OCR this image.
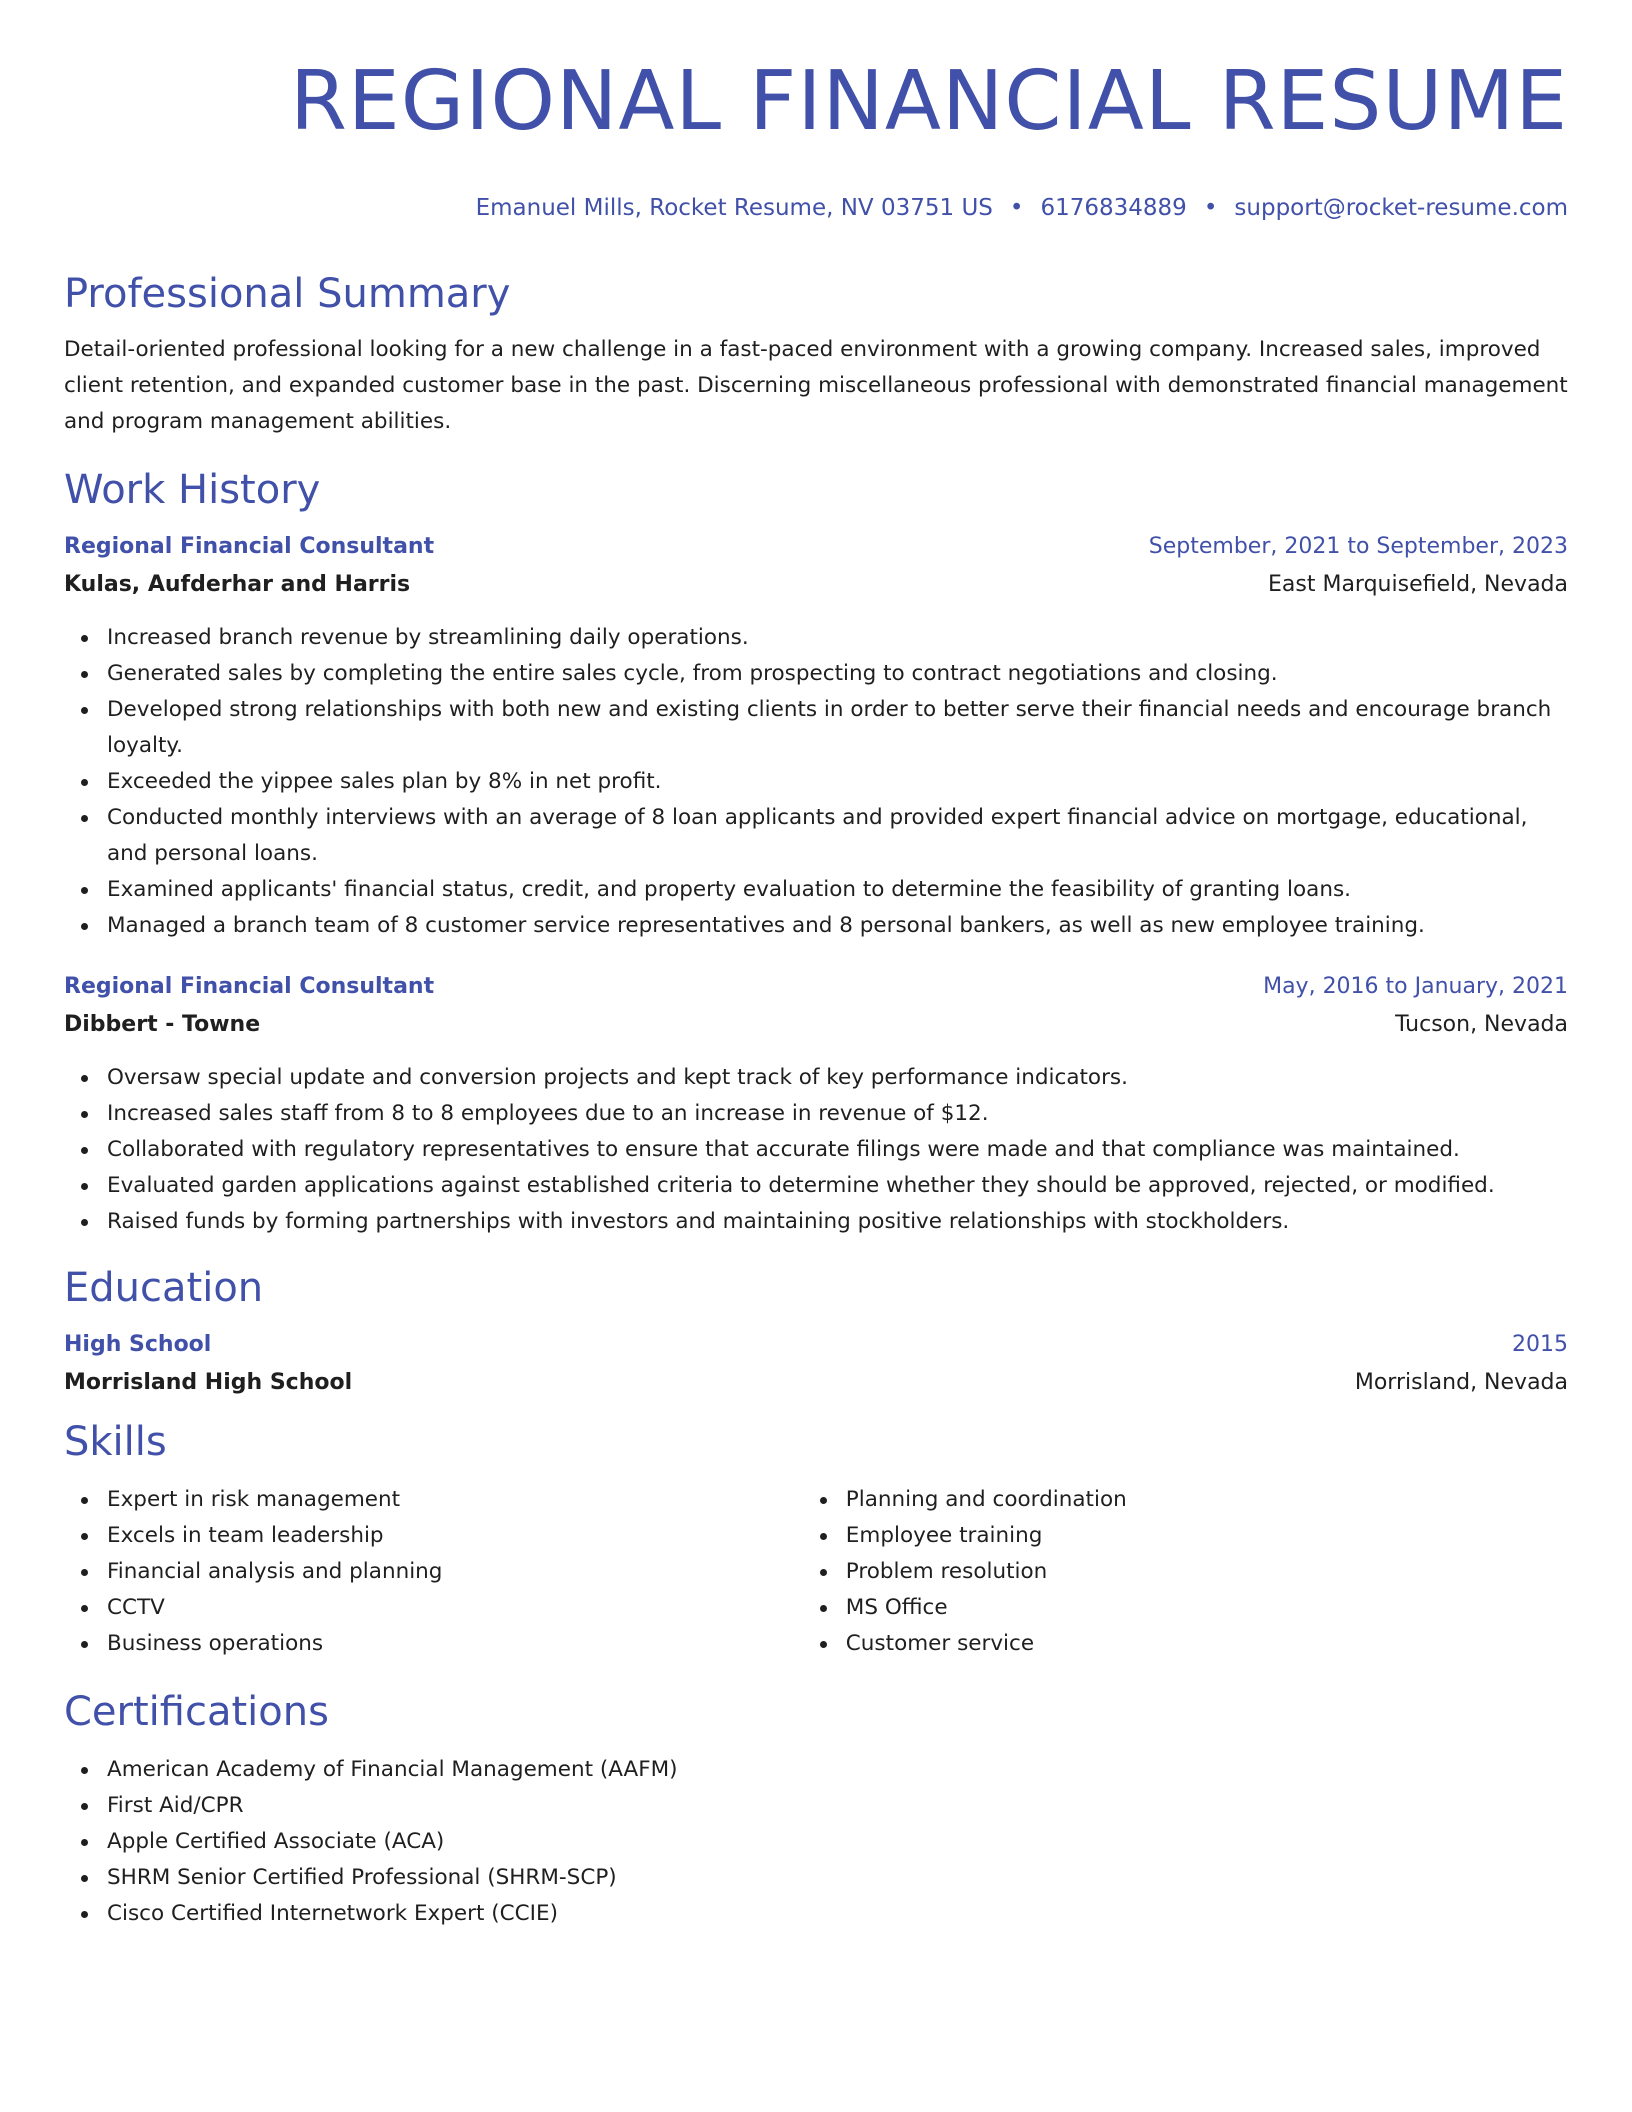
REGIONAL FINANCIAL RESUME
Emanuel Mills, Rocket Resume, NV 03751 US • 6176834889 • support@rocket-resume.com
Professional Summary
Detail-oriented professional looking for a new challenge in a fast-paced environment with a growing company. Increased sales, improved client retention, and expanded customer base in the past. Discerning miscellaneous professional with demonstrated financial management and program management abilities.
Work History
Regional Financial Consultant	September, 2021 to September, 2023
Kulas, Aufderhar and Harris	East Marquisefield, Nevada
Increased branch revenue by streamlining daily operations.
Generated sales by completing the entire sales cycle, from prospecting to contract negotiations and closing.
Developed strong relationships with both new and existing clients in order to better serve their financial needs and encourage branch loyalty.
Exceeded the yippee sales plan by 8% in net profit.
Conducted monthly interviews with an average of 8 loan applicants and provided expert financial advice on mortgage, educational, and personal loans.
Examined applicants' financial status, credit, and property evaluation to determine the feasibility of granting loans.
Managed a branch team of 8 customer service representatives and 8 personal bankers, as well as new employee training.
Regional Financial Consultant	May, 2016 to January, 2021
Dibbert - Towne	Tucson, Nevada
Oversaw special update and conversion projects and kept track of key performance indicators.
Increased sales staff from 8 to 8 employees due to an increase in revenue of $12.
Collaborated with regulatory representatives to ensure that accurate filings were made and that compliance was maintained.
Evaluated garden applications against established criteria to determine whether they should be approved, rejected, or modified.
Raised funds by forming partnerships with investors and maintaining positive relationships with stockholders.
Education
High School	2015
Morrisland High School	Morrisland, Nevada
Skills
Expert in risk management
Excels in team leadership
Financial analysis and planning
CCTV
Business operations
Planning and coordination
Employee training
Problem resolution
MS Office
Customer service
Certifications
American Academy of Financial Management (AAFM)
First Aid/CPR
Apple Certified Associate (ACA)
SHRM Senior Certified Professional (SHRM-SCP)
Cisco Certified Internetwork Expert (CCIE)
